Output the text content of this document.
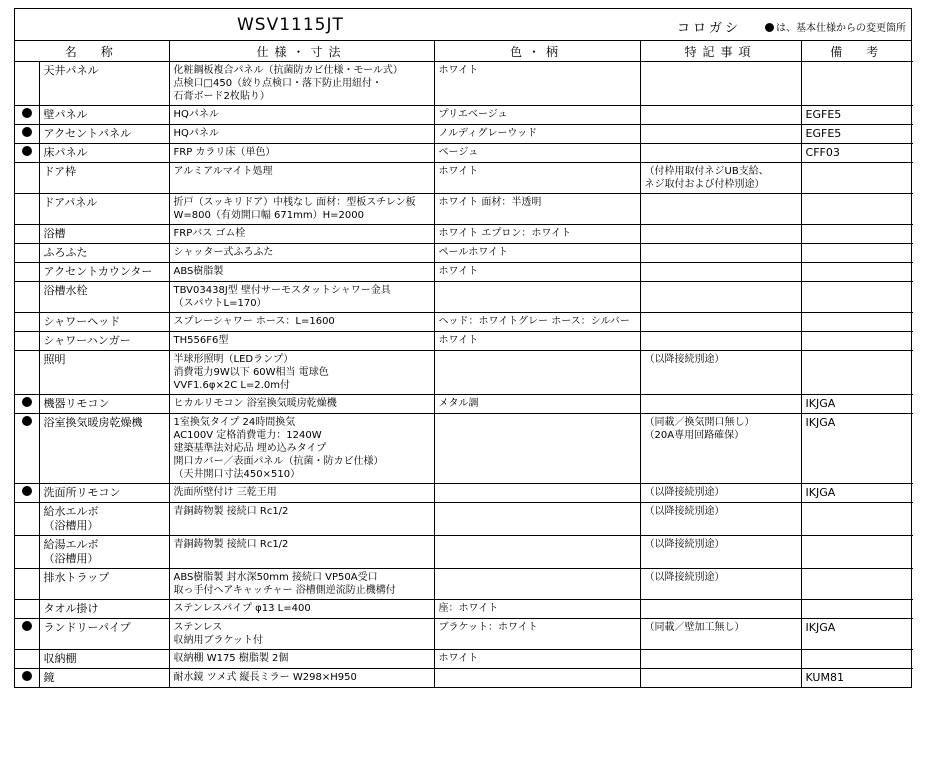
WSV1115JT	コロガシ	は、基本仕様からの変更箇所
名　称		仕様・寸法	色・柄	特記事項	備　考

	天井パネル	化粧鋼板複合パネル（抗菌防カビ仕様・モール式）
点検口□450（絞り点検口・落下防止用紐付・
石膏ボード2枚貼り）	ホワイト		

	壁パネル	HQパネル	プリエベージュ		EGFE5

	アクセントパネル	HQパネル	ノルディグレーウッド		EGFE5

	床パネル	FRP カラリ床（単色）	ベージュ		CFF03

	ドア枠	アルミアルマイト処理	ホワイト	（付枠用取付ネジUB支給、
ネジ取付および付枠別途）	

	ドアパネル	折戸（スッキリドア）中桟なし 面材：型板スチレン板
W=800（有効開口幅 671mm）H=2000	ホワイト 面材：半透明		

	浴槽	FRPバス ゴム栓	ホワイト エプロン：ホワイト		

	ふろふた	シャッター式ふろふた	ペールホワイト		

	アクセントカウンター	ABS樹脂製	ホワイト		

	浴槽水栓	TBV03438J型 壁付サーモスタットシャワー金具
（スパウトL=170）			

	シャワーヘッド	スプレーシャワー ホース：L=1600	ヘッド：ホワイトグレー ホース：シルバー		

	シャワーハンガー	TH556F6型	ホワイト		

	照明	半球形照明（LEDランプ）
消費電力9W以下 60W相当 電球色
VVF1.6φ×2C L=2.0m付		（以降接続別途）	

	機器リモコン	ヒカルリモコン 浴室換気暖房乾燥機	メタル調		IKJGA

	浴室換気暖房乾燥機	1室換気タイプ 24時間換気
AC100V 定格消費電力：1240W
建築基準法対応品 埋め込みタイプ
開口カバー／表面パネル（抗菌・防カビ仕様）
（天井開口寸法450×510）		（同載／換気開口無し）
（20A専用回路確保）	IKJGA

	洗面所リモコン	洗面所壁付け 三乾王用		（以降接続別途）	IKJGA

	給水エルボ
（浴槽用）	青銅鋳物製 接続口 Rc1/2		（以降接続別途）	

	給湯エルボ
（浴槽用）	青銅鋳物製 接続口 Rc1/2		（以降接続別途）	

	排水トラップ	ABS樹脂製 封水深50mm 接続口 VP50A受口
取っ手付ヘアキャッチャー 浴槽側逆流防止機構付		（以降接続別途）	

	タオル掛け	ステンレスパイプ φ13 L=400	座：ホワイト		

	ランドリーパイプ	ステンレス
収納用ブラケット付	ブラケット：ホワイト	（同載／壁加工無し）	IKJGA

	収納棚	収納棚 W175 樹脂製 2個	ホワイト		

	鏡	耐水鏡 ツメ式 縦長ミラー W298×H950			KUM81
